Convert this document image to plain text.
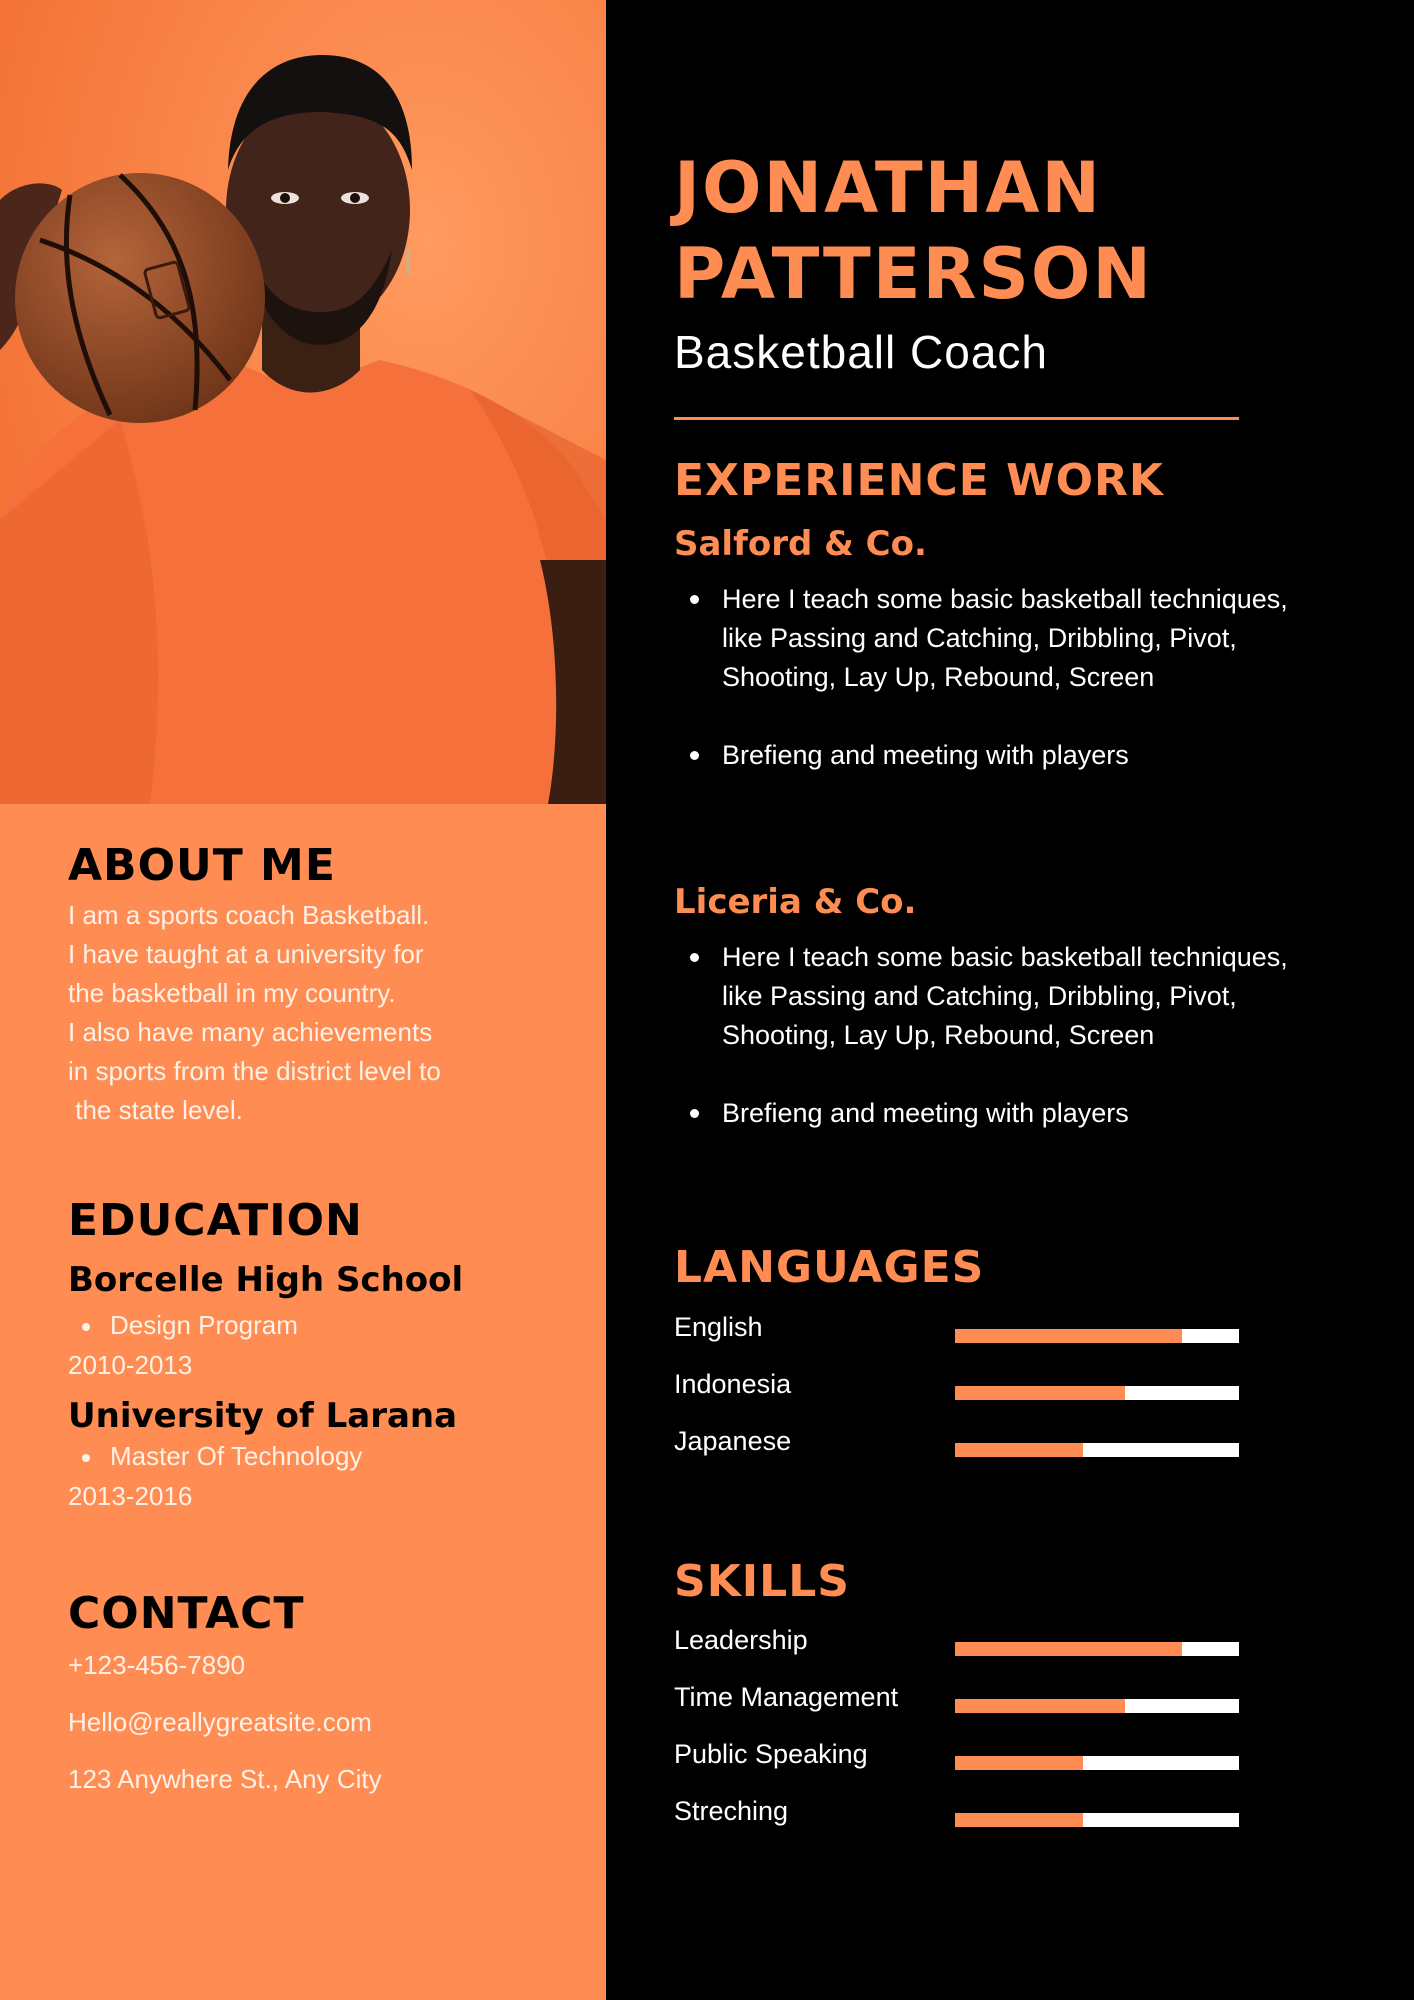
ABOUT ME

I am a sports coach Basketball.
I have taught at a university for
the basketball in my country.
I also have many achievements
in sports from the district level to
the state level.

EDUCATION

Borcelle High School

Design Program

2010-2013

University of Larana

Master Of Technology

2013-2016

CONTACT

+123-456-7890

Hello@reallygreatsite.com

123 Anywhere St., Any City

JONATHAN
PATTERSON

Basketball Coach

EXPERIENCE WORK

Salford & Co.

Here I teach some basic basketball techniques, like Passing and Catching, Dribbling, Pivot, Shooting, Lay Up, Rebound, Screen
Brefieng and meeting with players

Liceria & Co.

Here I teach some basic basketball techniques, like Passing and Catching, Dribbling, Pivot, Shooting, Lay Up, Rebound, Screen
Brefieng and meeting with players
LANGUAGES

English

Indonesia

Japanese

SKILLS

Leadership

Time Management

Public Speaking

Streching
